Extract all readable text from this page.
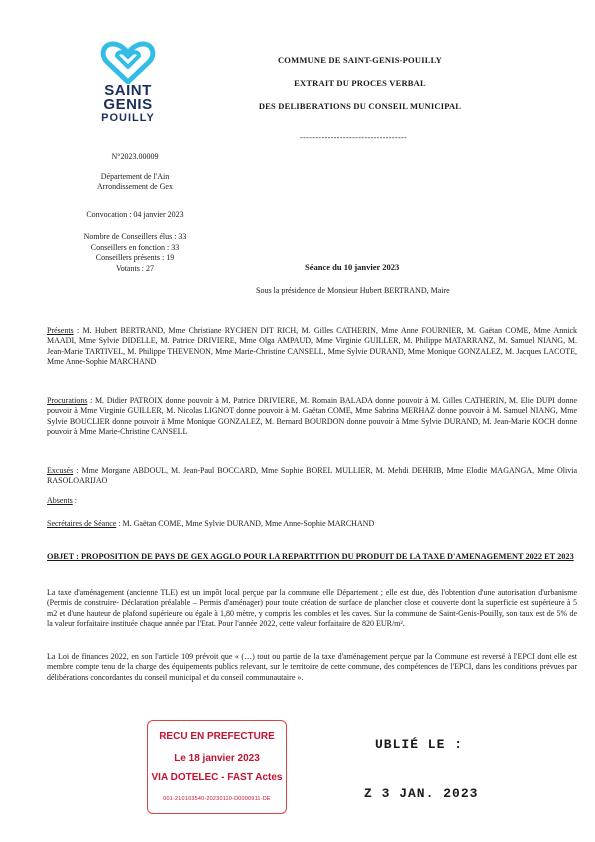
SAINT
GENIS
POUILLY
COMMUNE DE SAINT-GENIS-POUILLY
EXTRAIT DU PROCES VERBAL
DES DELIBERATIONS DU CONSEIL MUNICIPAL
-----------------------------------
N°2023.00009
Département de l'Ain
Arrondissement de Gex
Convocation : 04 janvier 2023
Nombre de Conseillers élus : 33
Conseillers en fonction : 33
Conseillers présents : 19
Votants : 27	Séance du 10 janvier 2023
Sous la présidence de Monsieur Hubert BERTRAND, Maire
Présents : M. Hubert BERTRAND, Mme Christiane RYCHEN DIT RICH, M. Gilles CATHERIN, Mme Anne FOURNIER, M. Gaëtan COME, Mme Annick MAADI, Mme Sylvie DIDELLE, M. Patrice DRIVIERE, Mme Olga AMPAUD, Mme Virginie GUILLER, M. Philippe MATARRANZ, M. Samuel NIANG, M. Jean-Marie TARTIVEL, M. Philippe THEVENON, Mme Marie-Christine CANSELL, Mme Sylvie DURAND, Mme Monique GONZALEZ, M. Jacques LACOTE, Mme Anne-Sophie MARCHAND
Procurations : M. Didier PATROIX donne pouvoir à M. Patrice DRIVIERE, M. Romain BALADA donne pouvoir à M. Gilles CATHERIN, M. Elie DUPI donne pouvoir à Mme Virginie GUILLER, M. Nicolas LIGNOT donne pouvoir à M. Gaëtan COME, Mme Sabrina MERHAZ donne pouvoir à M. Samuel NIANG, Mme Sylvie BOUCLIER donne pouvoir à Mme Monique GONZALEZ, M. Bernard BOURDON donne pouvoir à Mme Sylvie DURAND, M. Jean-Marie KOCH donne pouvoir à Mme Marie-Christine CANSELL
Excusés : Mme Morgane ABDOUL, M. Jean-Paul BOCCARD, Mme Sophie BOREL MULLIER, M. Mehdi DEHRIB, Mme Elodie MAGANGA, Mme Olivia RASOLOARIJAO
Absents :
Secrétaires de Séance : M. Gaëtan COME, Mme Sylvie DURAND, Mme Anne-Sophie MARCHAND
OBJET : PROPOSITION DE PAYS DE GEX AGGLO POUR LA REPARTITION DU PRODUIT DE LA TAXE D'AMENAGEMENT 2022 ET 2023
La taxe d'aménagement (ancienne TLE) est un impôt local perçue par la commune elle Département ; elle est due, dès l'obtention d'une autorisation d'urbanisme (Permis de construire- Déclaration préalable – Permis d'aménager) pour toute création de surface de plancher close et couverte dont la superficie est supérieure à 5 m2 et d'une hauteur de plafond supérieure ou égale à 1,80 mètre, y compris les combles et les caves. Sur la commune de Saint-Genis-Pouilly, son taux est de 5% de la valeur forfaitaire instituée chaque année par l'Etat. Pour l'année 2022, cette valeur forfaitaire de 820 EUR/m².
La Loi de finances 2022, en son l'article 109 prévoit que « (…) tout ou partie de la taxe d'aménagement perçue par la Commune est reversé à l'EPCI dont elle est membre compte tenu de la charge des équipements publics relevant, sur le territoire de cette commune, des compétences de l'EPCI, dans les conditions prévues par délibérations concordantes du conseil municipal et du conseil communautaire ».
RECU EN PREFECTURE
Le 18 janvier 2023
VIA DOTELEC - FAST Actes
001-210103540-20230110-D0000911-DE
UBLIÉ LE :
Z 3 JAN. 2023
